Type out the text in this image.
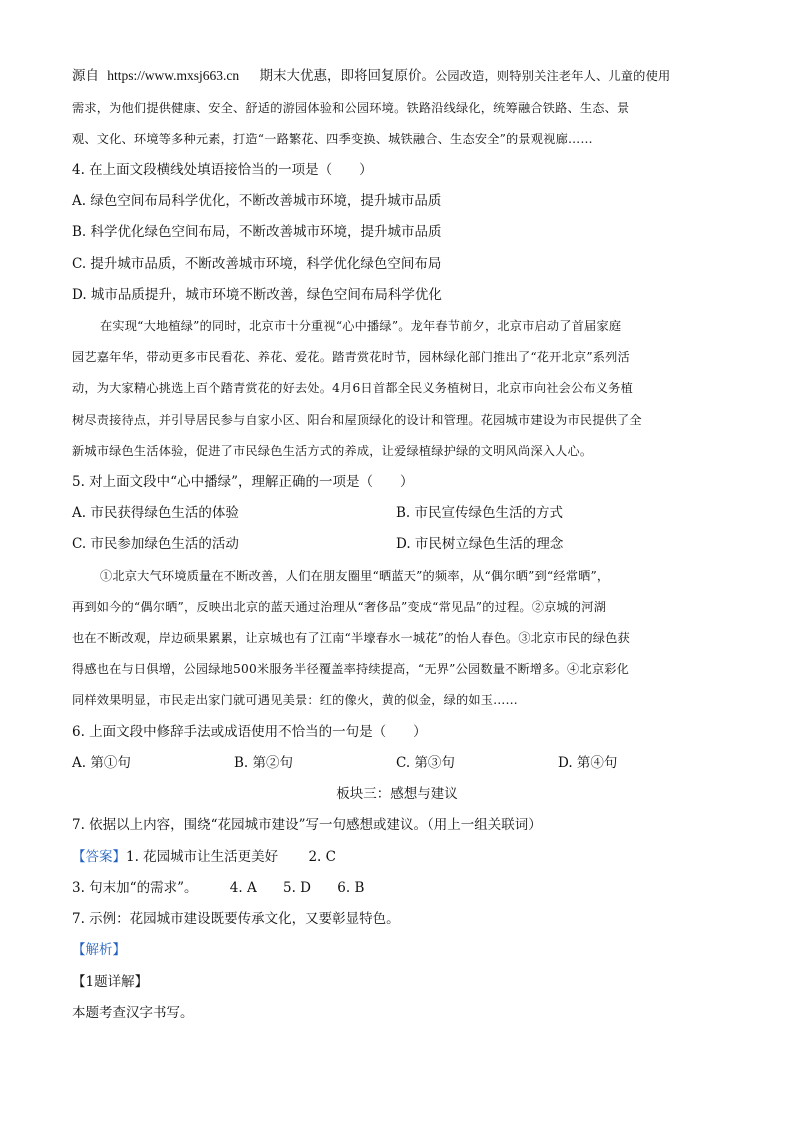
源自 https://www.mxsj663.cn 期末大优惠，即将回复原价。公园改造，则特别关注老年人、儿童的使用
需求，为他们提供健康、安全、舒适的游园体验和公园环境。铁路沿线绿化，统筹融合铁路、生态、景
观、文化、环境等多种元素，打造“一路繁花、四季变换、城铁融合、生态安全”的景观视廊……
4. 在上面文段横线处填语接恰当的一项是（　　）
A. 绿色空间布局科学优化，不断改善城市环境，提升城市品质
B. 科学优化绿色空间布局，不断改善城市环境，提升城市品质
C. 提升城市品质，不断改善城市环境，科学优化绿色空间布局
D. 城市品质提升，城市环境不断改善，绿色空间布局科学优化
在实现“大地植绿”的同时，北京市十分重视“心中播绿”。龙年春节前夕，北京市启动了首届家庭
园艺嘉年华，带动更多市民看花、养花、爱花。踏青赏花时节，园林绿化部门推出了“花开北京”系列活
动，为大家精心挑选上百个踏青赏花的好去处。4月6日首都全民义务植树日，北京市向社会公布义务植
树尽责接待点，并引导居民参与自家小区、阳台和屋顶绿化的设计和管理。花园城市建设为市民提供了全
新城市绿色生活体验，促进了市民绿色生活方式的养成，让爱绿植绿护绿的文明风尚深入人心。
5. 对上面文段中“心中播绿”，理解正确的一项是（　　）
A. 市民获得绿色生活的体验	B. 市民宣传绿色生活的方式
C. 市民参加绿色生活的活动	D. 市民树立绿色生活的理念
①北京大气环境质量在不断改善，人们在朋友圈里“晒蓝天”的频率，从“偶尔晒”到“经常晒”，
再到如今的“偶尔晒”，反映出北京的蓝天通过治理从“奢侈品”变成“常见品”的过程。②京城的河湖
也在不断改观，岸边硕果累累，让京城也有了江南“半壕春水一城花”的怡人春色。③北京市民的绿色获
得感也在与日俱增，公园绿地500米服务半径覆盖率持续提高，“无界”公园数量不断增多。④北京彩化
同样效果明显，市民走出家门就可遇见美景：红的像火，黄的似金，绿的如玉……
6. 上面文段中修辞手法或成语使用不恰当的一句是（　　）
A. 第①句	B. 第②句	C. 第③句	D. 第④句
板块三：感想与建议
7. 依据以上内容，围绕“花园城市建设”写一句感想或建议。（用上一组关联词）
【答案】1. 花园城市让生活更美好 2. C
3. 句末加“的需求”。 4. A 5. D 6. B
7. 示例：花园城市建设既要传承文化，又要彰显特色。
【解析】
【1题详解】
本题考查汉字书写。
